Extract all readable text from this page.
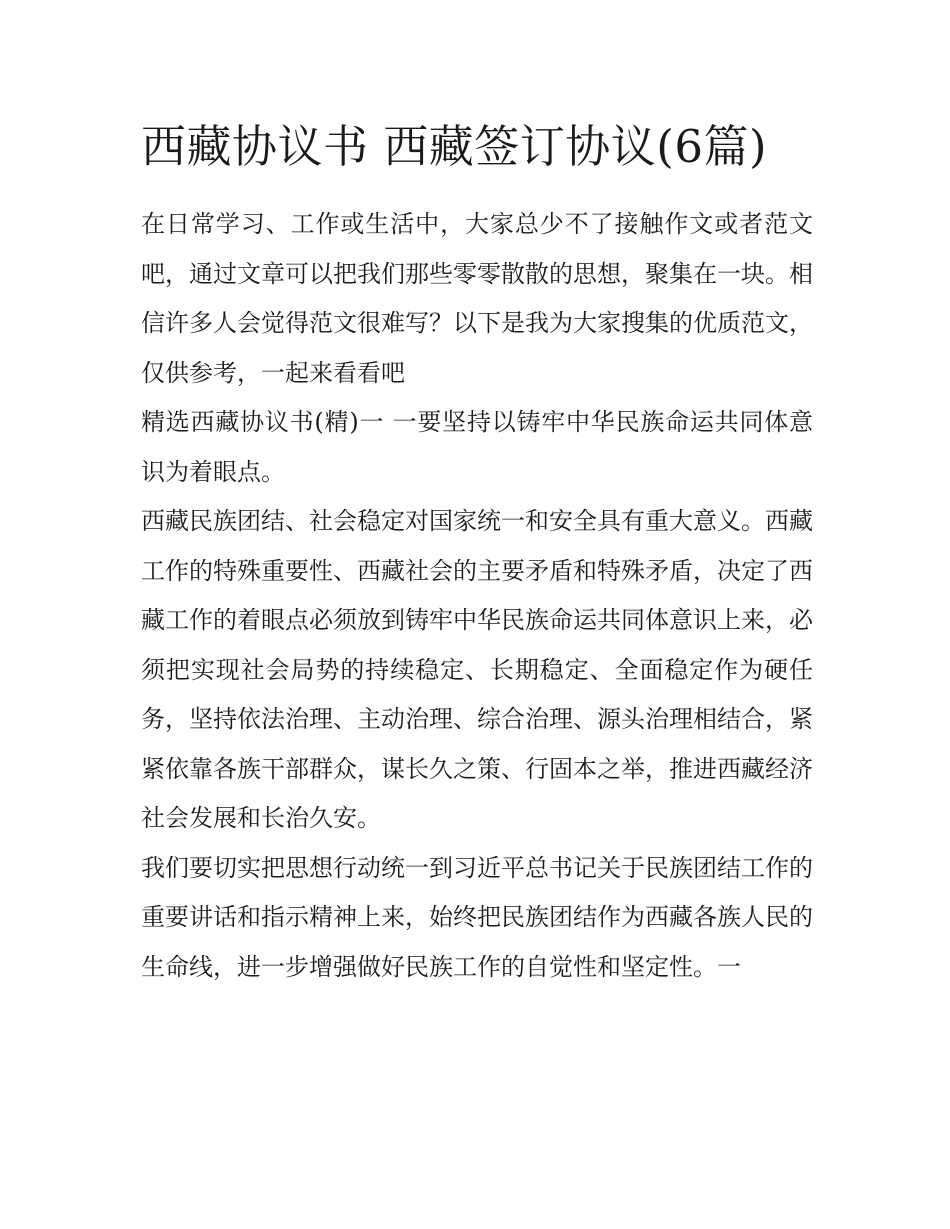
西藏协议书 西藏签订协议(6篇)

在日常学习、工作或生活中，大家总少不了接触作文或者范文吧，通过文章可以把我们那些零零散散的思想，聚集在一块。相信许多人会觉得范文很难写？以下是我为大家搜集的优质范文，仅供参考，一起来看看吧

精选西藏协议书(精)一 一要坚持以铸牢中华民族命运共同体意识为着眼点。

西藏民族团结、社会稳定对国家统一和安全具有重大意义。西藏工作的特殊重要性、西藏社会的主要矛盾和特殊矛盾，决定了西藏工作的着眼点必须放到铸牢中华民族命运共同体意识上来，必须把实现社会局势的持续稳定、长期稳定、全面稳定作为硬任务，坚持依法治理、主动治理、综合治理、源头治理相结合，紧紧依靠各族干部群众，谋长久之策、行固本之举，推进西藏经济社会发展和长治久安。

我们要切实把思想行动统一到习近平总书记关于民族团结工作的重要讲话和指示精神上来，始终把民族团结作为西藏各族人民的生命线，进一步增强做好民族工作的自觉性和坚定性。一
